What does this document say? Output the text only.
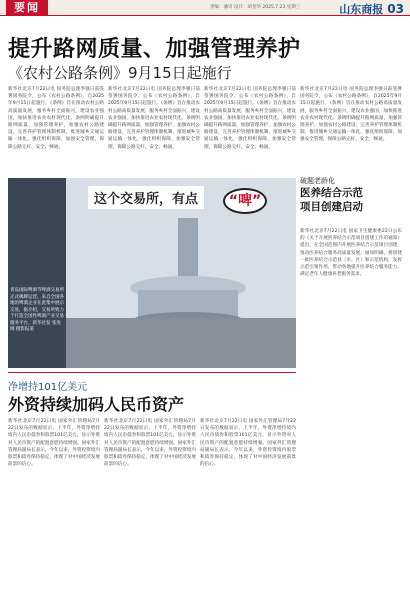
要闻	责编：潘奇 设计：胡金华 2025.7.23 星期三	山东商报 03
提升路网质量、加强管理养护
《农村公路条例》9月15日起施行
新华社北京7月22日电 国务院总理李强日前签署国务院令，公布《农村公路条例》，自2025年9月15日起施行。《条例》旨在推动农村公路高质量发展，服务乡村全面振兴，建设农业强国，加快推进农业农村现代化。条例明确提升路网质量，加强管理养护，加强农村公路建设，完善养护管理体制机制，推进城乡交通运输一体化，强化组织保障，加强安全管理，保障公路完好、安全、畅通。
新华社北京7月22日电 国务院总理李强日前签署国务院令，公布《农村公路条例》，自2025年9月15日起施行。《条例》旨在推动农村公路高质量发展，服务乡村全面振兴，建设农业强国，加快推进农业农村现代化。条例明确提升路网质量，加强管理养护，加强农村公路建设，完善养护管理体制机制，推进城乡交通运输一体化，强化组织保障，加强安全管理，保障公路完好、安全、畅通。
新华社北京7月22日电 国务院总理李强日前签署国务院令，公布《农村公路条例》，自2025年9月15日起施行。《条例》旨在推动农村公路高质量发展，服务乡村全面振兴，建设农业强国，加快推进农业农村现代化。条例明确提升路网质量，加强管理养护，加强农村公路建设，完善养护管理体制机制，推进城乡交通运输一体化，强化组织保障，加强安全管理，保障公路完好、安全、畅通。
新华社北京7月22日电 国务院总理李强日前签署国务院令，公布《农村公路条例》，自2025年9月15日起施行。《条例》旨在推动农村公路高质量发展，服务乡村全面振兴，建设农业强国，加快推进农业农村现代化。条例明确提升路网质量，加强管理养护，加强农村公路建设，完善养护管理体制机制，推进城乡交通运输一体化，强化组织保障，加强安全管理，保障公路完好、安全、畅通。
青岛国际啤酒节啤酒交易所正式揭牌运营。来自全国各地的啤酒企业在此集中展示交易，据介绍，交易所致力于打造全国性啤酒产业交易服务平台。新华社发 张进刚 摄影报道
这个交易所，有点	“啤”
破题老龄化
医养结合示范
项目创建启动
新华社北京7月22日电 国家卫生健康委22日公布的《关于开展医养结合示范项目创建工作的通知》提出，在全国范围内开展医养结合示范项目创建，推动医养结合服务高质量发展。通知明确，将创建一批医养结合示范县（市、区）和示范机构，发挥示范引领作用，带动各地提升医养结合服务能力，满足老年人健康养老服务需求。
净增持101亿美元
外资持续加码人民币资产
新华社北京7月22日电 国家外汇管理局7月22日发布的数据显示，上半年，外资净增持境内人民币债券和股票101亿美元，显示外资对人民币资产的配置意愿持续增强。国家外汇管理局副局长表示，今年以来，外资投资境内股票和债券保持稳定，体现了对中国经济发展前景的信心。
新华社北京7月22日电 国家外汇管理局7月22日发布的数据显示，上半年，外资净增持境内人民币债券和股票101亿美元，显示外资对人民币资产的配置意愿持续增强。国家外汇管理局副局长表示，今年以来，外资投资境内股票和债券保持稳定，体现了对中国经济发展前景的信心。
新华社北京7月22日电 国家外汇管理局7月22日发布的数据显示，上半年，外资净增持境内人民币债券和股票101亿美元，显示外资对人民币资产的配置意愿持续增强。国家外汇管理局副局长表示，今年以来，外资投资境内股票和债券保持稳定，体现了对中国经济发展前景的信心。
